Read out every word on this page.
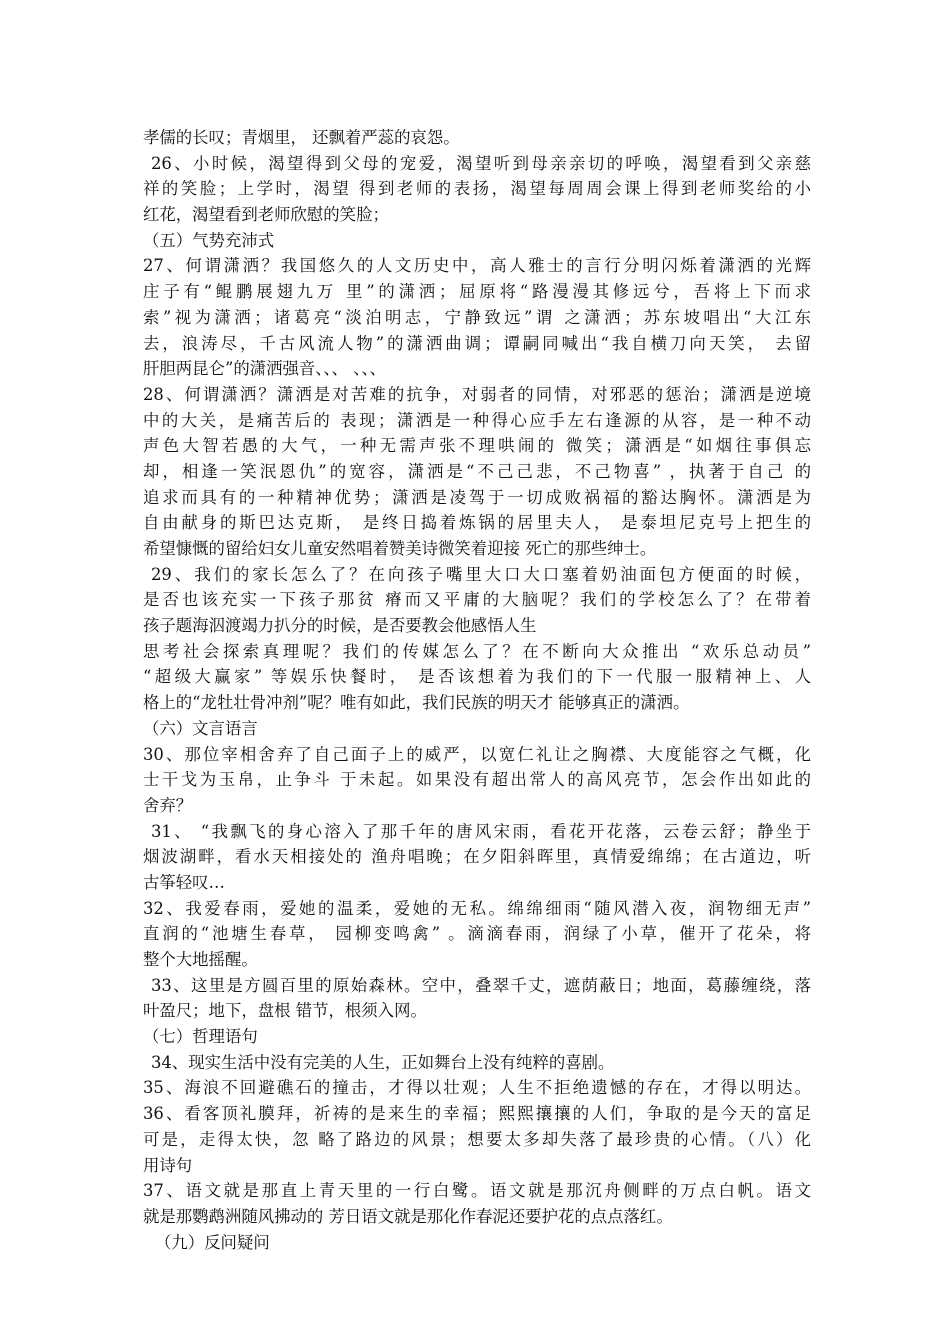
孝儒的长叹；青烟里， 还飘着严蕊的哀怨。
26、小时候，渴望得到父母的宠爱，渴望听到母亲亲切的呼唤，渴望看到父亲慈
祥的笑脸；上学时，渴望 得到老师的表扬，渴望每周周会课上得到老师奖给的小
红花，渴望看到老师欣慰的笑脸；
（五）气势充沛式
27、何谓潇洒？我国悠久的人文历史中，高人雅士的言行分明闪烁着潇洒的光辉
庄子有“鲲鹏展翅九万 里”的潇洒；屈原将“路漫漫其修远兮，吾将上下而求
索”视为潇洒；诸葛亮“淡泊明志，宁静致远”谓 之潇洒；苏东坡唱出“大江东
去，浪涛尽，千古风流人物”的潇洒曲调；谭嗣同喊出“我自横刀向天笑， 去留
肝胆两昆仑”的潇洒强音、、、 、、、
28、何谓潇洒？潇洒是对苦难的抗争，对弱者的同情，对邪恶的惩治；潇洒是逆境
中的大关，是痛苦后的 表现；潇洒是一种得心应手左右逢源的从容，是一种不动
声色大智若愚的大气，一种无需声张不理哄闹的 微笑；潇洒是“如烟往事俱忘
却，相逢一笑泯恩仇”的宽容，潇洒是“不己己悲，不己物喜” ，执著于自己 的
追求而具有的一种精神优势；潇洒是凌驾于一切成败祸福的豁达胸怀。潇洒是为
自由献身的斯巴达克斯， 是终日捣着炼锅的居里夫人， 是泰坦尼克号上把生的
希望慷慨的留给妇女儿童安然唱着赞美诗微笑着迎接 死亡的那些绅士。
29、我们的家长怎么了？在向孩子嘴里大口大口塞着奶油面包方便面的时候，
是否也该充实一下孩子那贫 瘠而又平庸的大脑呢？我们的学校怎么了？在带着
孩子题海泅渡竭力扒分的时候，是否要教会他感悟人生
思考社会探索真理呢？我们的传媒怎么了？在不断向大众推出 “欢乐总动员”
“超级大赢家” 等娱乐快餐时， 是否该想着为我们的下一代服一服精神上、人
格上的“龙牡壮骨冲剂”呢？唯有如此，我们民族的明天才 能够真正的潇洒。
（六）文言语言
30、那位宰相舍弃了自己面子上的威严，以宽仁礼让之胸襟、大度能容之气概，化
士干戈为玉帛，止争斗 于未起。如果没有超出常人的高风亮节，怎会作出如此的
舍弃？
31、 “我飘飞的身心溶入了那千年的唐风宋雨，看花开花落，云卷云舒；静坐于
烟波湖畔，看水天相接处的 渔舟唱晚；在夕阳斜晖里，真情爱绵绵；在古道边，听
古筝轻叹…
32、我爱春雨，爱她的温柔，爱她的无私。绵绵细雨“随风潜入夜，润物细无声”
直润的“池塘生春草， 园柳变鸣禽” 。滴滴春雨，润绿了小草，催开了花朵，将
整个大地摇醒。
33、这里是方圆百里的原始森林。空中，叠翠千丈，遮荫蔽日；地面，葛藤缠绕，落
叶盈尺；地下，盘根 错节，根须入网。
（七）哲理语句
34、现实生活中没有完美的人生，正如舞台上没有纯粹的喜剧。
35、海浪不回避礁石的撞击，才得以壮观；人生不拒绝遗憾的存在，才得以明达。
36、看客顶礼膜拜，祈祷的是来生的幸福；熙熙攘攘的人们，争取的是今天的富足
可是，走得太快，忽 略了路边的风景；想要太多却失落了最珍贵的心情。（八）化
用诗句
37、语文就是那直上青天里的一行白鹭。语文就是那沉舟侧畔的万点白帆。语文
就是那鹦鹉洲随风拂动的 芳日语文就是那化作春泥还要护花的点点落红。
（九）反问疑问
